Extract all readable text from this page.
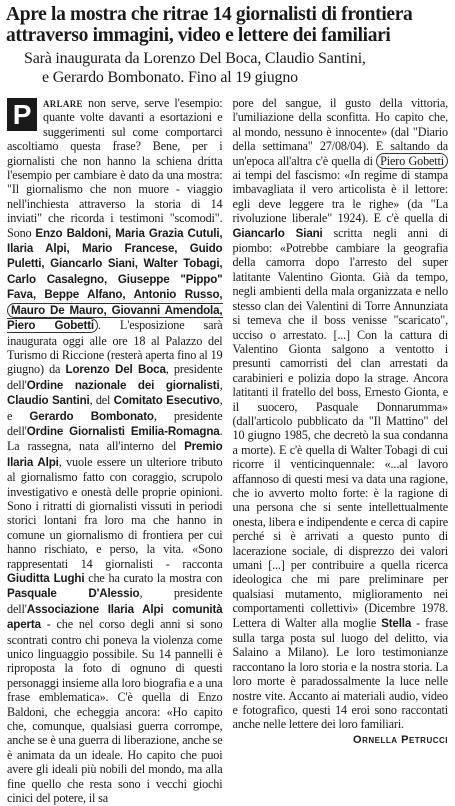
Apre la mostra che ritrae 14 giornalisti di frontiera
attraverso immagini, video e lettere dei familiari
Sarà inaugurata da Lorenzo Del Boca, Claudio Santini,
e Gerardo Bombonato. Fino al 19 giugno

P arlare non serve, serve l'esempio: quante volte davanti a esortazioni e suggerimenti sul come comportarci ascoltiamo questa frase? Bene, per i giornalisti che non hanno la schiena dritta l'esempio per cambiare è dato da una mostra: "Il giornalismo che non muore - viaggio nell'inchiesta attraverso la storia di 14 inviati" che ricorda i testimoni "scomodi". Sono Enzo Baldoni, Maria Grazia Cutuli, Ilaria Alpi, Mario Francese, Guido Puletti, Giancarlo Siani, Walter Tobagi, Carlo Casalegno, Giuseppe "Pippo" Fava, Beppe Alfano, Antonio Russo, Mauro De Mauro, Giovanni Amendola, Piero Gobetti . L'esposizione sarà inaugurata oggi alle ore 18 al Palazzo del Turismo di Riccione (resterà aperta fino al 19 giugno) da Lorenzo Del Boca, presidente dell'Ordine nazionale dei giornalisti, Claudio Santini, del Comitato Esecutivo, e Gerardo Bombonato, presidente dell'Ordine Giornalisti Emilia-Romagna. La rassegna, nata all'interno del Premio Ilaria Alpi, vuole essere un ulteriore tributo al giornalismo fatto con coraggio, scrupolo investigativo e onestà delle proprie opinioni. Sono i ritratti di giornalisti vissuti in periodi storici lontani fra loro ma che hanno in comune un giornalismo di frontiera per cui hanno rischiato, e perso, la vita. «Sono rappresentati 14 giornalisti - racconta Giuditta Lughi che ha curato la mostra con Pasquale D'Alessio, presidente dell'Associazione Ilaria Alpi comunità aperta - che nel corso degli anni si sono scontrati contro chi poneva la violenza come unico linguaggio possibile. Su 14 pannelli è riproposta la foto di ognuno di questi personaggi insieme alla loro biografia e a una frase emblematica». C'è quella di Enzo Baldoni, che echeggia ancora: «Ho capito che, comunque, qualsiasi guerra corrompe, anche se è una guerra di liberazione, anche se è animata da un ideale. Ho capito che puoi avere gli ideali più nobili del mondo, ma alla fine quello che resta sono i vecchi giochi cinici del potere, il sa

pore del sangue, il gusto della vittoria, l'umiliazione della sconfitta. Ho capito che, al mondo, nessuno è innocente» (dal "Diario della settimana" 27/08/04). E saltando da un'epoca all'altra c'è quella di Piero Gobetti ai tempi del fascismo: «In regime di stampa imbavagliata il vero articolista è il lettore: egli deve leggere tra le righe» (da "La rivoluzione liberale" 1924). E c'è quella di Giancarlo Siani scritta negli anni di piombo: «Potrebbe cambiare la geografia della camorra dopo l'arresto del super latitante Valentino Gionta. Già da tempo, negli ambienti della mala organizzata e nello stesso clan dei Valentini di Torre Annunziata si temeva che il boss venisse "scaricato", ucciso o arrestato. [...] Con la cattura di Valentino Gionta salgono a ventotto i presunti camorristi del clan arrestati da carabinieri e polizia dopo la strage. Ancora latitanti il fratello del boss, Ernesto Gionta, e il suocero, Pasquale Donnarumma» (dall'articolo pubblicato da "Il Mattino" del 10 giugno 1985, che decretò la sua condanna a morte). E c'è quella di Walter Tobagi di cui ricorre il venticinquennale: «...al lavoro affannoso di questi mesi va data una ragione, che io avverto molto forte: è la ragione di una persona che si sente intellettualmente onesta, libera e indipendente e cerca di capire perché si è arrivati a questo punto di lacerazione sociale, di disprezzo dei valori umani [...] per contribuire a quella ricerca ideologica che mi pare preliminare per qualsiasi mutamento, miglioramento nei comportamenti collettivi» (Dicembre 1978. Lettera di Walter alla moglie Stella - frase sulla targa posta sul luogo del delitto, via Salaino a Milano). Le loro testimonianze raccontano la loro storia e la nostra storia. La loro morte è paradossalmente la luce nelle nostre vite. Accanto ai materiali audio, video e fotografico, questi 14 eroi sono raccontati anche nelle lettere dei loro familiari.
Ornella Petrucci
